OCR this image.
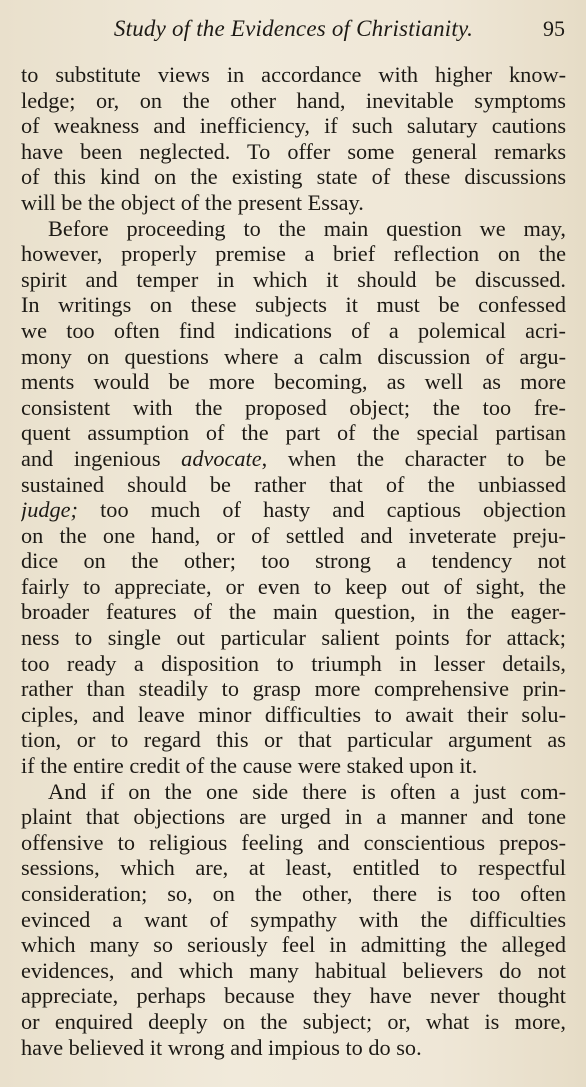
Study of the Evidences of Christianity.	95

to substitute views in accordance with higher know-
ledge; or, on the other hand, inevitable symptoms
of weakness and inefficiency, if such salutary cautions
have been neglected. To offer some general remarks
of this kind on the existing state of these discussions
will be the object of the present Essay.

Before proceeding to the main question we may,
however, properly premise a brief reflection on the
spirit and temper in which it should be discussed.
In writings on these subjects it must be confessed
we too often find indications of a polemical acri-
mony on questions where a calm discussion of argu-
ments would be more becoming, as well as more
consistent with the proposed object; the too fre-
quent assumption of the part of the special partisan
and ingenious advocate, when the character to be
sustained should be rather that of the unbiassed
judge; too much of hasty and captious objection
on the one hand, or of settled and inveterate preju-
dice on the other; too strong a tendency not
fairly to appreciate, or even to keep out of sight, the
broader features of the main question, in the eager-
ness to single out particular salient points for attack;
too ready a disposition to triumph in lesser details,
rather than steadily to grasp more comprehensive prin-
ciples, and leave minor difficulties to await their solu-
tion, or to regard this or that particular argument as
if the entire credit of the cause were staked upon it.

And if on the one side there is often a just com-
plaint that objections are urged in a manner and tone
offensive to religious feeling and conscientious prepos-
sessions, which are, at least, entitled to respectful
consideration; so, on the other, there is too often
evinced a want of sympathy with the difficulties
which many so seriously feel in admitting the alleged
evidences, and which many habitual believers do not
appreciate, perhaps because they have never thought
or enquired deeply on the subject; or, what is more,
have believed it wrong and impious to do so.
